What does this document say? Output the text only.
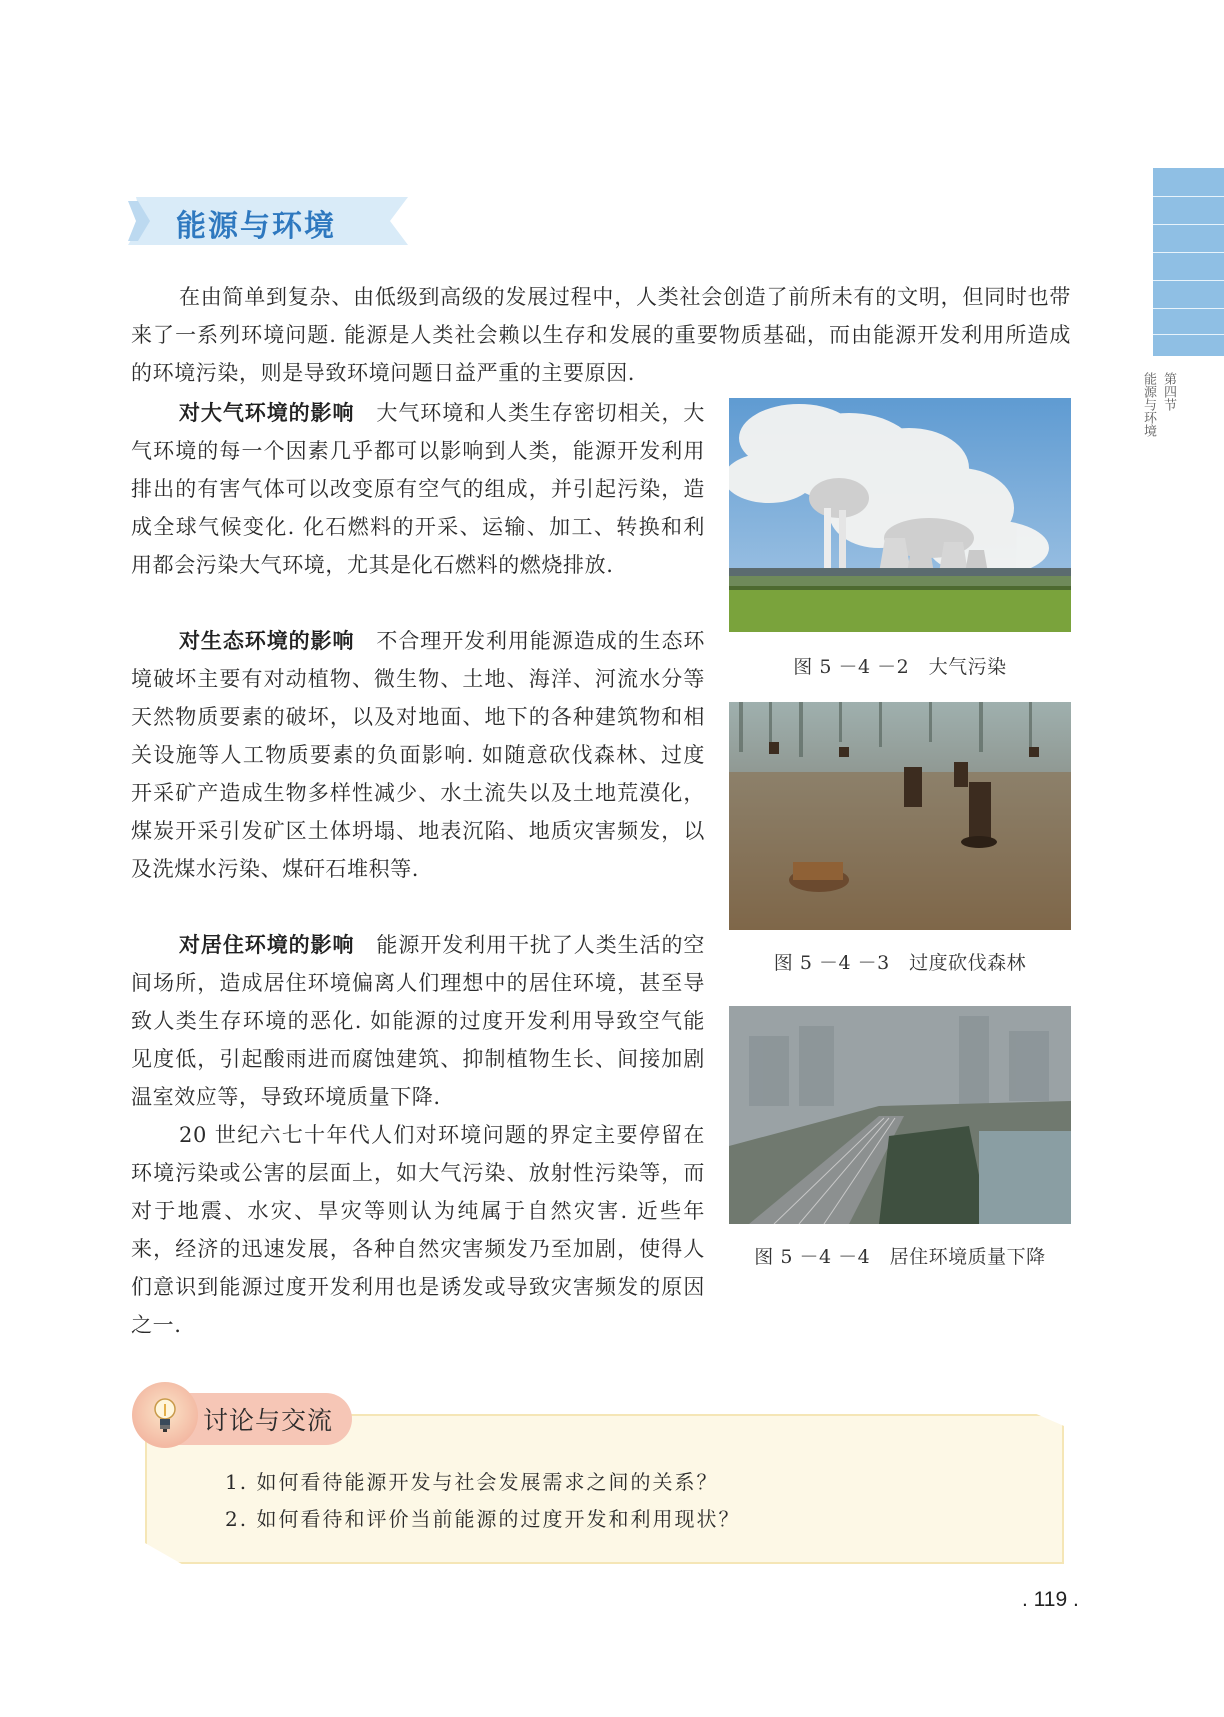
第四节
能源与环境
能源与环境
在由简单到复杂、由低级到高级的发展过程中，人类社会创造了前所未有的文明，但同时也带来了一系列环境问题. 能源是人类社会赖以生存和发展的重要物质基础，而由能源开发利用所造成的环境污染，则是导致环境问题日益严重的主要原因.
对大气环境的影响 大气环境和人类生存密切相关，大气环境的每一个因素几乎都可以影响到人类，能源开发利用排出的有害气体可以改变原有空气的组成，并引起污染，造成全球气候变化. 化石燃料的开采、运输、加工、转换和利用都会污染大气环境，尤其是化石燃料的燃烧排放.
对生态环境的影响 不合理开发利用能源造成的生态环境破坏主要有对动植物、微生物、土地、海洋、河流水分等天然物质要素的破坏，以及对地面、地下的各种建筑物和相关设施等人工物质要素的负面影响. 如随意砍伐森林、过度开采矿产造成生物多样性减少、水土流失以及土地荒漠化，煤炭开采引发矿区土体坍塌、地表沉陷、地质灾害频发，以及洗煤水污染、煤矸石堆积等.
对居住环境的影响 能源开发利用干扰了人类生活的空间场所，造成居住环境偏离人们理想中的居住环境，甚至导致人类生存环境的恶化. 如能源的过度开发利用导致空气能见度低，引起酸雨进而腐蚀建筑、抑制植物生长、间接加剧温室效应等，导致环境质量下降.
20 世纪六七十年代人们对环境问题的界定主要停留在环境污染或公害的层面上，如大气污染、放射性污染等，而对于地震、水灾、旱灾等则认为纯属于自然灾害. 近些年来，经济的迅速发展，各种自然灾害频发乃至加剧，使得人们意识到能源过度开发利用也是诱发或导致灾害频发的原因之一.
图 5 －4 －2　大气污染
图 5 －4 －3　过度砍伐森林
图 5 －4 －4　居住环境质量下降
讨论与交流
1. 如何看待能源开发与社会发展需求之间的关系？
2. 如何看待和评价当前能源的过度开发和利用现状？
. 119 .
